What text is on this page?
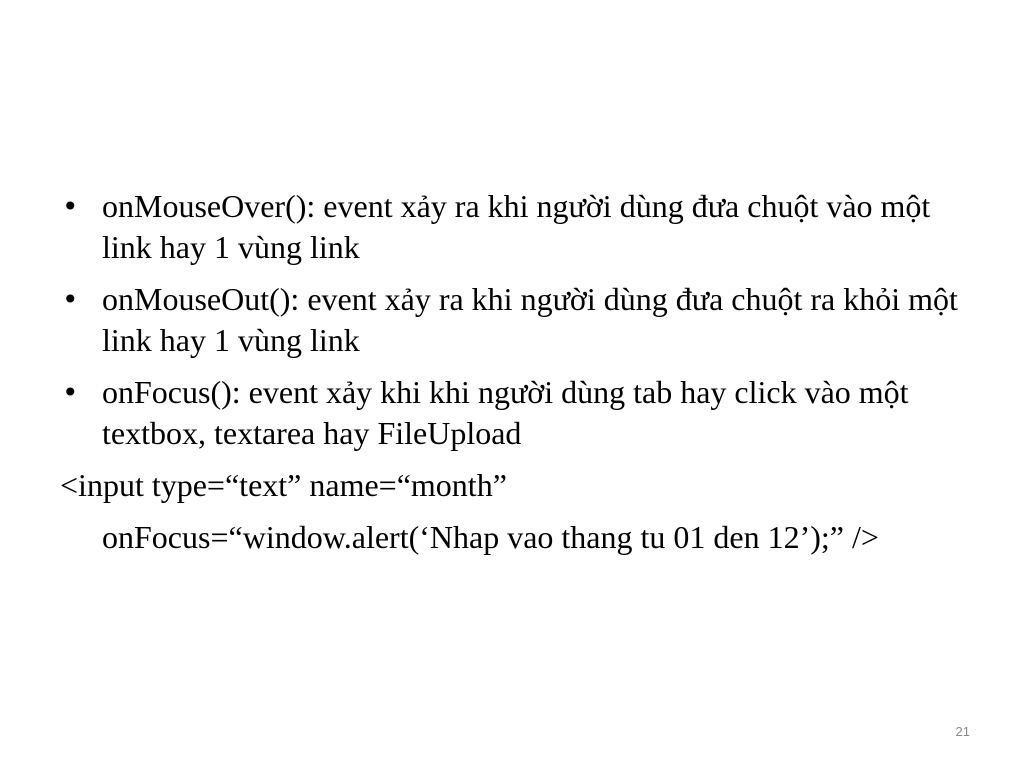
• onMouseOver(): event xảy ra khi người dùng đưa chuột vào một link hay 1 vùng link
• onMouseOut(): event xảy ra khi người dùng đưa chuột ra khỏi một link hay 1 vùng link
• onFocus(): event xảy khi khi người dùng tab hay click vào một textbox, textarea hay FileUpload
<input type=“text” name=“month”
onFocus=“window.alert(‘Nhap vao thang tu 01 den 12’);” />
21
